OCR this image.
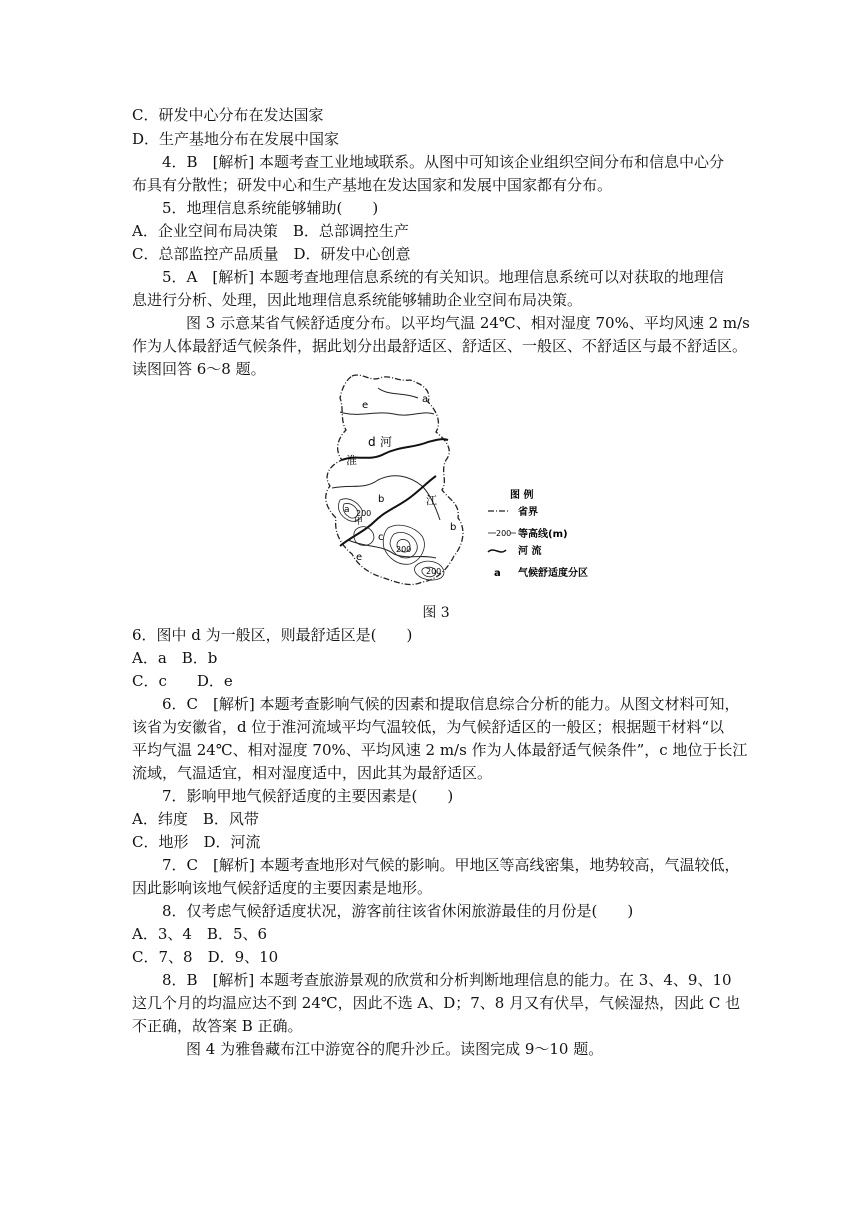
C．研发中心分布在发达国家
D．生产基地分布在发展中国家
4．B　[解析] 本题考查工业地域联系。从图中可知该企业组织空间分布和信息中心分
布具有分散性；研发中心和生产基地在发达国家和发展中国家都有分布。
5．地理信息系统能够辅助(　　)
A．企业空间布局决策　B．总部调控生产
C．总部监控产品质量　D．研发中心创意
5．A　[解析] 本题考查地理信息系统的有关知识。地理信息系统可以对获取的地理信
息进行分析、处理，因此地理信息系统能够辅助企业空间布局决策。
图 3 示意某省气候舒适度分布。以平均气温 24℃、相对湿度 70%、平均风速 2 m/s
作为人体最舒适气候条件，据此划分出最舒适区、舒适区、一般区、不舒适区与最不舒适区。
读图回答 6～8 题。
a
e
d 河
淮
b	江
b
a
甲
200
200
e
c
200
图 例
省界
200 等高线(m)
河 流
a 气候舒适度分区
图 3
6．图中 d 为一般区，则最舒适区是(　　)
A．a　B．b
C．c　　D．e
6．C　[解析] 本题考查影响气候的因素和提取信息综合分析的能力。从图文材料可知，
该省为安徽省，d 位于淮河流域平均气温较低，为气候舒适区的一般区；根据题干材料“以
平均气温 24℃、相对湿度 70%、平均风速 2 m/s 作为人体最舒适气候条件”，c 地位于长江
流域，气温适宜，相对湿度适中，因此其为最舒适区。
7．影响甲地气候舒适度的主要因素是(　　)
A．纬度　B．风带
C．地形　D．河流
7．C　[解析] 本题考查地形对气候的影响。甲地区等高线密集，地势较高，气温较低，
因此影响该地气候舒适度的主要因素是地形。
8．仅考虑气候舒适度状况，游客前往该省休闲旅游最佳的月份是(　　)
A．3、4　B．5、6
C．7、8　D．9、10
8．B　[解析] 本题考查旅游景观的欣赏和分析判断地理信息的能力。在 3、4、9、10
这几个月的均温应达不到 24℃，因此不选 A、D；7、8 月又有伏旱，气候湿热，因此 C 也
不正确，故答案 B 正确。
图 4 为雅鲁藏布江中游宽谷的爬升沙丘。读图完成 9～10 题。
